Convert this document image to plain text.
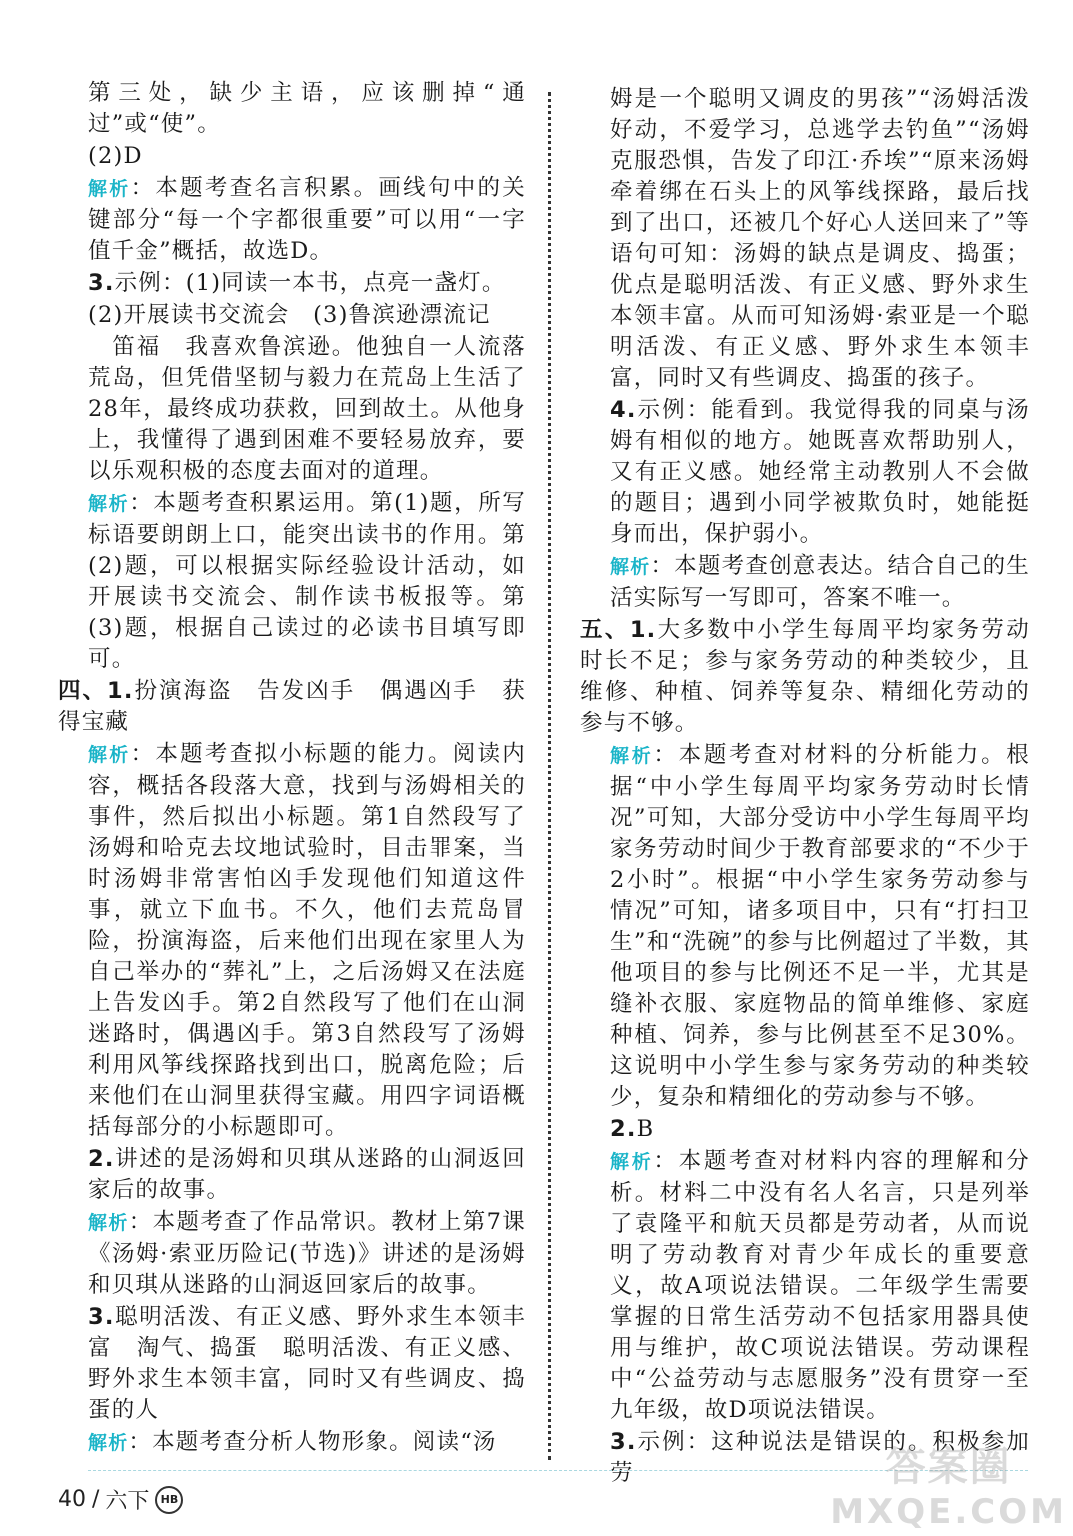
第三处，缺少主语，应该删掉“通过”或“使”。

(2)D

解析：本题考查名言积累。画线句中的关键部分“每一个字都很重要”可以用“一字值千金”概括，故选D。

3.示例：(1)同读一本书，点亮一盏灯。

(2)开展读书交流会　(3)鲁滨逊漂流记

　笛福　我喜欢鲁滨逊。他独自一人流落荒岛，但凭借坚韧与毅力在荒岛上生活了28年，最终成功获救，回到故土。从他身上，我懂得了遇到困难不要轻易放弃，要以乐观积极的态度去面对的道理。

解析：本题考查积累运用。第(1)题，所写标语要朗朗上口，能突出读书的作用。第(2)题，可以根据实际经验设计活动，如开展读书交流会、制作读书板报等。第(3)题，根据自己读过的必读书目填写即可。

四、1.扮演海盗　告发凶手　偶遇凶手　获得宝藏

解析：本题考查拟小标题的能力。阅读内容，概括各段落大意，找到与汤姆相关的事件，然后拟出小标题。第1自然段写了汤姆和哈克去坟地试验时，目击罪案，当时汤姆非常害怕凶手发现他们知道这件事，就立下血书。不久，他们去荒岛冒险，扮演海盗，后来他们出现在家里人为自己举办的“葬礼”上，之后汤姆又在法庭上告发凶手。第2自然段写了他们在山洞迷路时，偶遇凶手。第3自然段写了汤姆利用风筝线探路找到出口，脱离危险；后来他们在山洞里获得宝藏。用四字词语概括每部分的小标题即可。

2.讲述的是汤姆和贝琪从迷路的山洞返回家后的故事。

解析：本题考查了作品常识。教材上第7课《汤姆·索亚历险记(节选)》讲述的是汤姆和贝琪从迷路的山洞返回家后的故事。

3.聪明活泼、有正义感、野外求生本领丰富　淘气、捣蛋　聪明活泼、有正义感、野外求生本领丰富，同时又有些调皮、捣蛋的人

解析：本题考查分析人物形象。阅读“汤

姆是一个聪明又调皮的男孩”“汤姆活泼好动，不爱学习，总逃学去钓鱼”“汤姆克服恐惧，告发了印江·乔埃”“原来汤姆牵着绑在石头上的风筝线探路，最后找到了出口，还被几个好心人送回来了”等语句可知：汤姆的缺点是调皮、捣蛋；优点是聪明活泼、有正义感、野外求生本领丰富。从而可知汤姆·索亚是一个聪明活泼、有正义感、野外求生本领丰富，同时又有些调皮、捣蛋的孩子。

4.示例：能看到。我觉得我的同桌与汤姆有相似的地方。她既喜欢帮助别人，又有正义感。她经常主动教别人不会做的题目；遇到小同学被欺负时，她能挺身而出，保护弱小。

解析：本题考查创意表达。结合自己的生活实际写一写即可，答案不唯一。

五、1.大多数中小学生每周平均家务劳动时长不足；参与家务劳动的种类较少，且维修、种植、饲养等复杂、精细化劳动的参与不够。

解析：本题考查对材料的分析能力。根据“中小学生每周平均家务劳动时长情况”可知，大部分受访中小学生每周平均家务劳动时间少于教育部要求的“不少于2小时”。根据“中小学生家务劳动参与情况”可知，诸多项目中，只有“打扫卫生”和“洗碗”的参与比例超过了半数，其他项目的参与比例还不足一半，尤其是缝补衣服、家庭物品的简单维修、家庭种植、饲养，参与比例甚至不足30%。这说明中小学生参与家务劳动的种类较少，复杂和精细化的劳动参与不够。

2.B

解析：本题考查对材料内容的理解和分析。材料二中没有名人名言，只是列举了袁隆平和航天员都是劳动者，从而说明了劳动教育对青少年成长的重要意义，故A项说法错误。二年级学生需要掌握的日常生活劳动不包括家用器具使用与维护，故C项说法错误。劳动课程中“公益劳动与志愿服务”没有贯穿一至九年级，故D项说法错误。

3.示例：这种说法是错误的。积极参加劳

40 / 六下	HB
答案圈
MXQE.COM
